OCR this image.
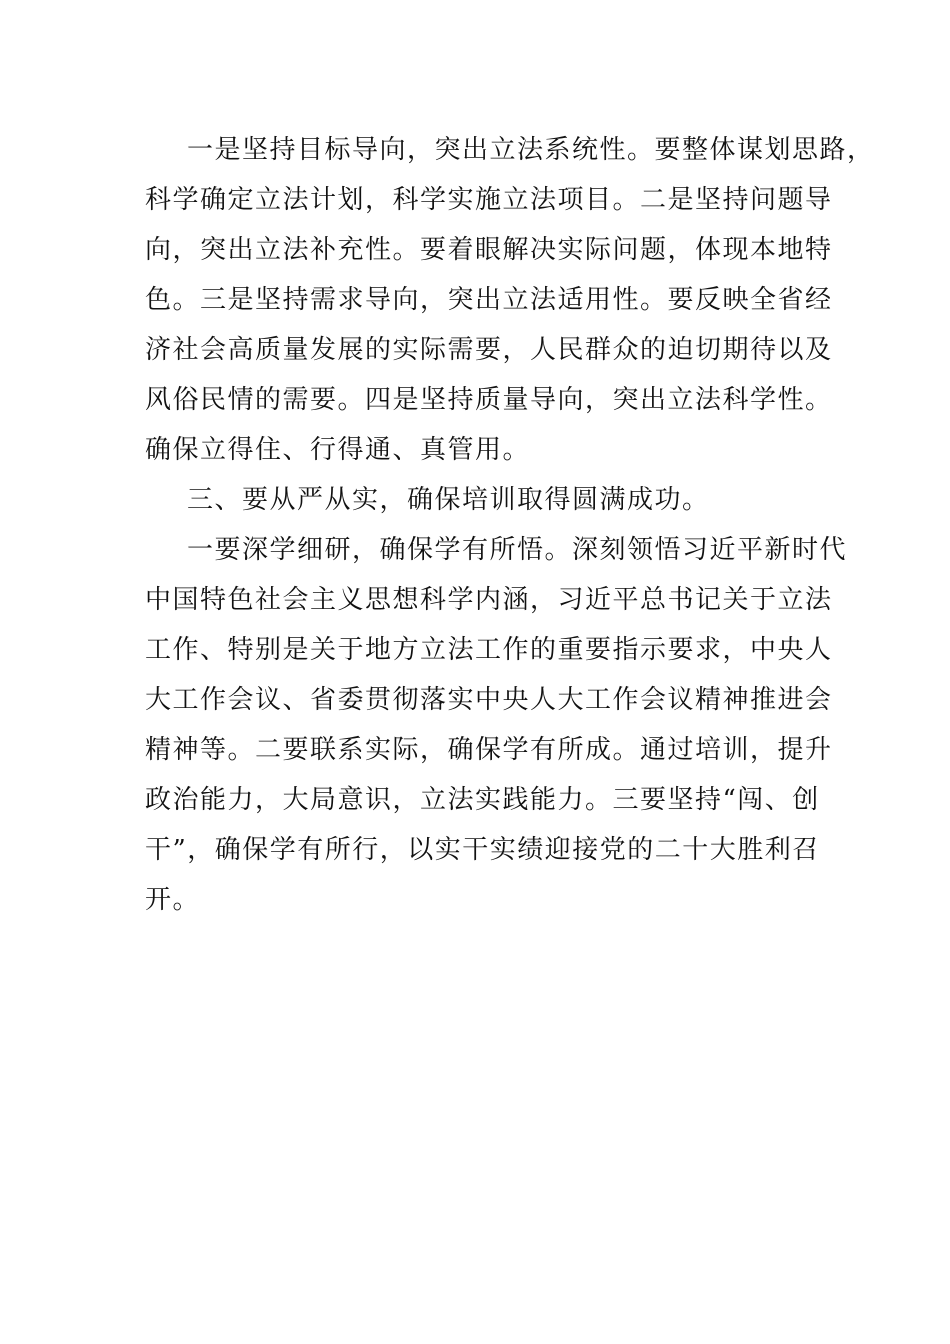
一是坚持目标导向，突出立法系统性。要整体谋划思路，
科学确定立法计划，科学实施立法项目。二是坚持问题导
向，突出立法补充性。要着眼解决实际问题，体现本地特
色。三是坚持需求导向，突出立法适用性。要反映全省经
济社会高质量发展的实际需要，人民群众的迫切期待以及
风俗民情的需要。四是坚持质量导向，突出立法科学性。
确保立得住、行得通、真管用。
三、要从严从实，确保培训取得圆满成功。
一要深学细研，确保学有所悟。深刻领悟习近平新时代
中国特色社会主义思想科学内涵，习近平总书记关于立法
工作、特别是关于地方立法工作的重要指示要求，中央人
大工作会议、省委贯彻落实中央人大工作会议精神推进会
精神等。二要联系实际，确保学有所成。通过培训，提升
政治能力，大局意识，立法实践能力。三要坚持“闯、创
干”，确保学有所行，以实干实绩迎接党的二十大胜利召
开。
